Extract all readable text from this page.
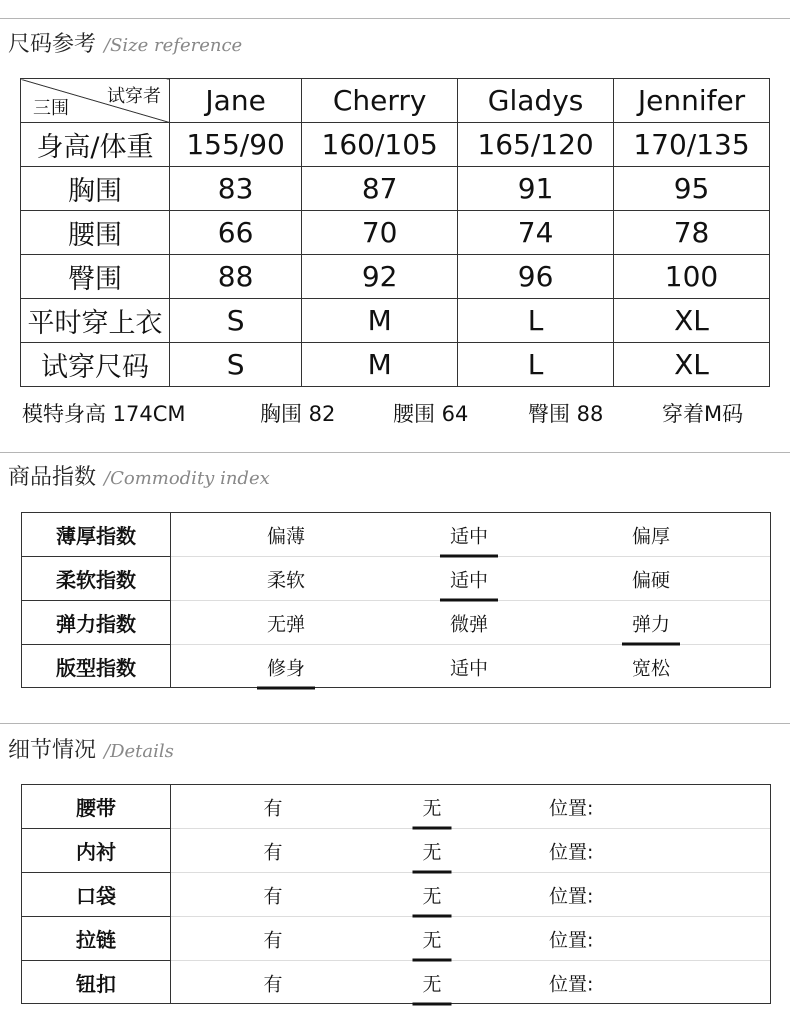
尺码参考 /Size reference
试穿者
三围	Jane	Cherry	Gladys	Jennifer
身高/体重	155/90	160/105	165/120	170/135
胸围	83	87	91	95
腰围	66	70	74	78
臀围	88	92	96	100
平时穿上衣	S	M	L	XL
试穿尺码	S	M	L	XL
模特身高 174CM	胸围 82	腰围 64	臀围 88	穿着M码
商品指数 /Commodity index
薄厚指数	偏薄 适中 偏厚

柔软指数	柔软 适中 偏硬

弹力指数	无弹 微弹 弹力

版型指数	修身 适中 宽松
细节情况 /Details
腰带	有 无 位置:

内衬	有 无 位置:

口袋	有 无 位置:

拉链	有 无 位置:

钮扣	有 无 位置:
